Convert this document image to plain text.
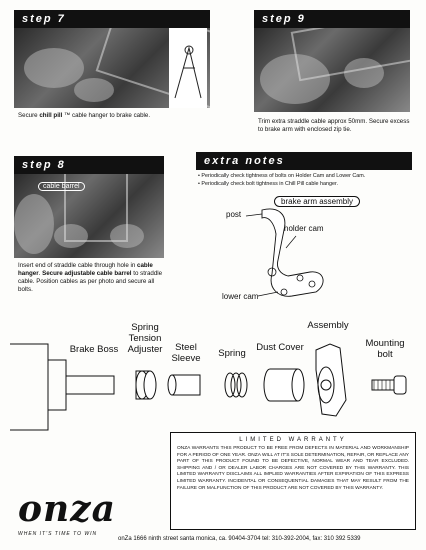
step 7
Secure chill pill ™ cable hanger to brake cable.
step 9
Trim extra straddle cable approx 50mm. Secure excess to brake arm with enclosed zip tie.
step 8
cable barrel
Insert end of straddle cable through hole in cable hanger. Secure adjustable cable barrel to straddle cable. Position cables as per photo and secure all bolts.
extra notes
• Periodically check tightness of bolts on Holder Cam and Lower Cam.
• Periodically check bolt tightness in Chill Pill cable hanger.
brake arm assembly
post
holder cam
lower cam
Brake Boss
Spring Tension Adjuster	Steel Sleeve	Spring
Dust Cover
Assembly
Mounting bolt
LIMITED WARRANTY
ONZA WARRANTS THIS PRODUCT TO BE FREE FROM DEFECTS IN MATERIAL AND WORKMANSHIP FOR A PERIOD OF ONE YEAR. ONZA WILL AT IT'S SOLE DETERMINATION, REPAIR, OR REPLACE ANY PART OF THIS PRODUCT FOUND TO BE DEFECTIVE, NORMAL WEAR AND TEAR EXCLUDED. SHIPPING AND / OR DEALER LABOR CHARGES ARE NOT COVERED BY THIS WARRANTY. THIS LIMITED WARRANTY DISCLAIMS ALL IMPLIED WARRANTIES AFTER EXPIRATION OF THIS EXPRESS LIMITED WARRANTY. INCIDENTAL OR CONSEQUENTIAL DAMAGES THAT MAY RESULT FROM THE FAILURE OR MALFUNCTION OF THIS PRODUCT ARE NOT COVERED BY THIS WARRANTY.
onza
WHEN IT'S TIME TO WIN
onZa 1666 ninth street santa monica, ca. 90404-3704 tel: 310-392-2004, fax: 310 392 5339
